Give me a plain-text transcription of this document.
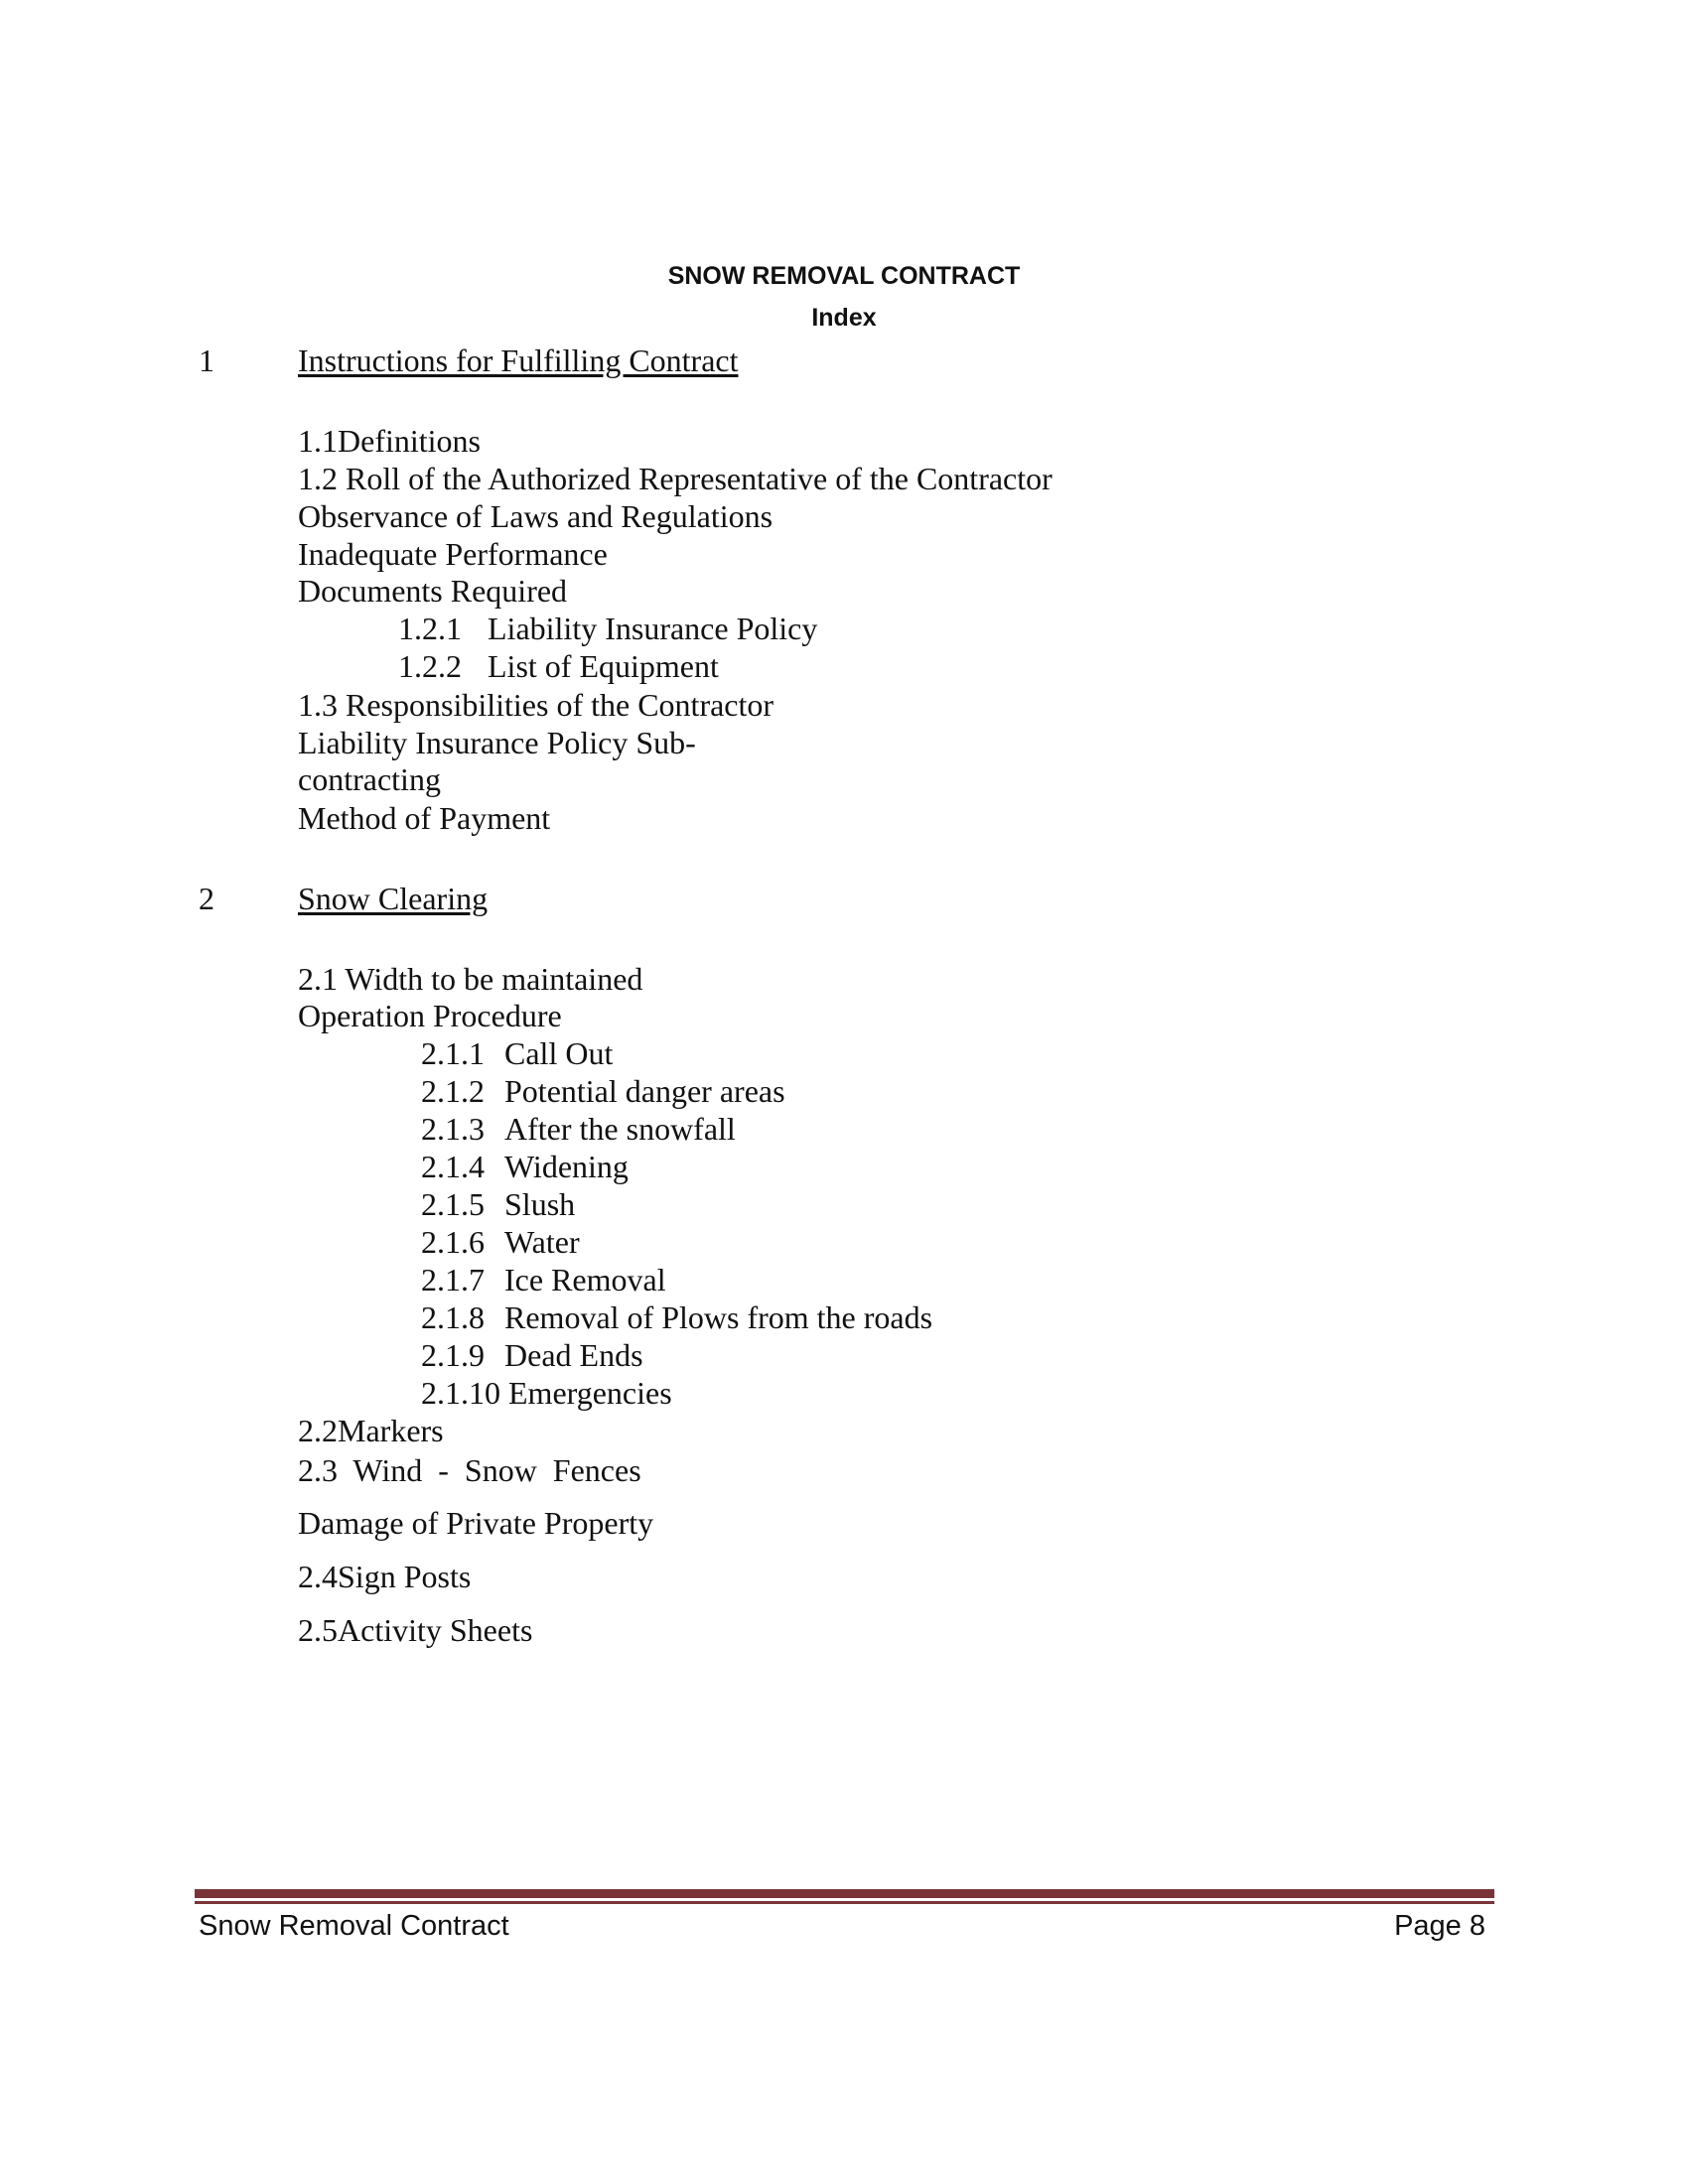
SNOW REMOVAL CONTRACT
Index
1	Instructions for Fulfilling Contract
1.1Definitions
1.2 Roll of the Authorized Representative of the Contractor
Observance of Laws and Regulations
Inadequate Performance
Documents Required
1.2.1 Liability Insurance Policy
1.2.2 List of Equipment
1.3 Responsibilities of the Contractor
Liability Insurance Policy Sub-
contracting
Method of Payment
2	Snow Clearing
2.1 Width to be maintained
Operation Procedure
2.1.1 Call Out
2.1.2 Potential danger areas
2.1.3 After the snowfall
2.1.4 Widening
2.1.5 Slush
2.1.6 Water
2.1.7 Ice Removal
2.1.8 Removal of Plows from the roads
2.1.9 Dead Ends
2.1.10 Emergencies
2.2Markers
2.3  Wind  -  Snow  Fences
Damage of Private Property
2.4Sign Posts
2.5Activity Sheets
Snow Removal Contract	Page 8
